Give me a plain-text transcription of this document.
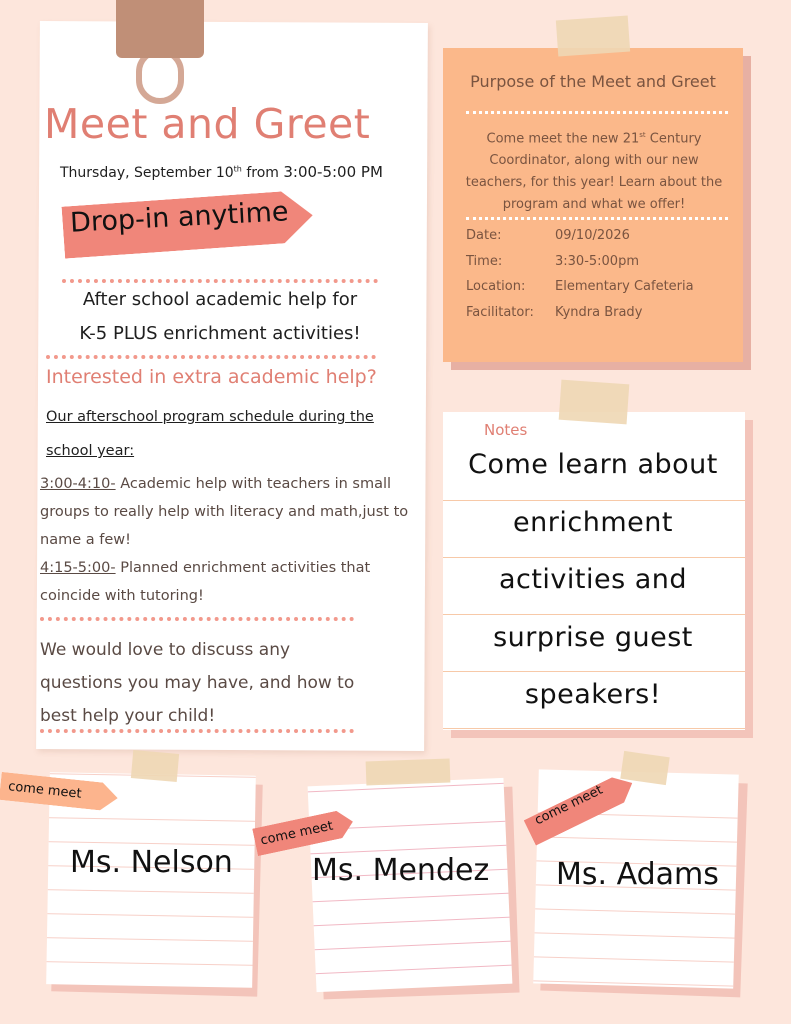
Meet and Greet
Thursday, September 10th from 3:00-5:00 PM
Drop-in anytime
After school academic help for
K-5 PLUS enrichment activities!
Interested in extra academic help?
Our afterschool program schedule during the school year:
3:00-4:10- Academic help with teachers in small groups to really help with literacy and math,just to name a few!
4:15-5:00- Planned enrichment activities that coincide with tutoring!
We would love to discuss any questions you may have, and how to best help your child!
Purpose of the Meet and Greet
Come meet the new 21st Century Coordinator, along with our new teachers, for this year! Learn about the program and what we offer!
Date:	09/10/2026
Time:	3:30-5:00pm
Location: Elementary Cafeteria
Facilitator: Kyndra Brady
Notes
Come learn about
enrichment
activities and
surprise guest
speakers!
come meet
Ms. Nelson
come meet
Ms. Mendez
come meet
Ms. Adams
